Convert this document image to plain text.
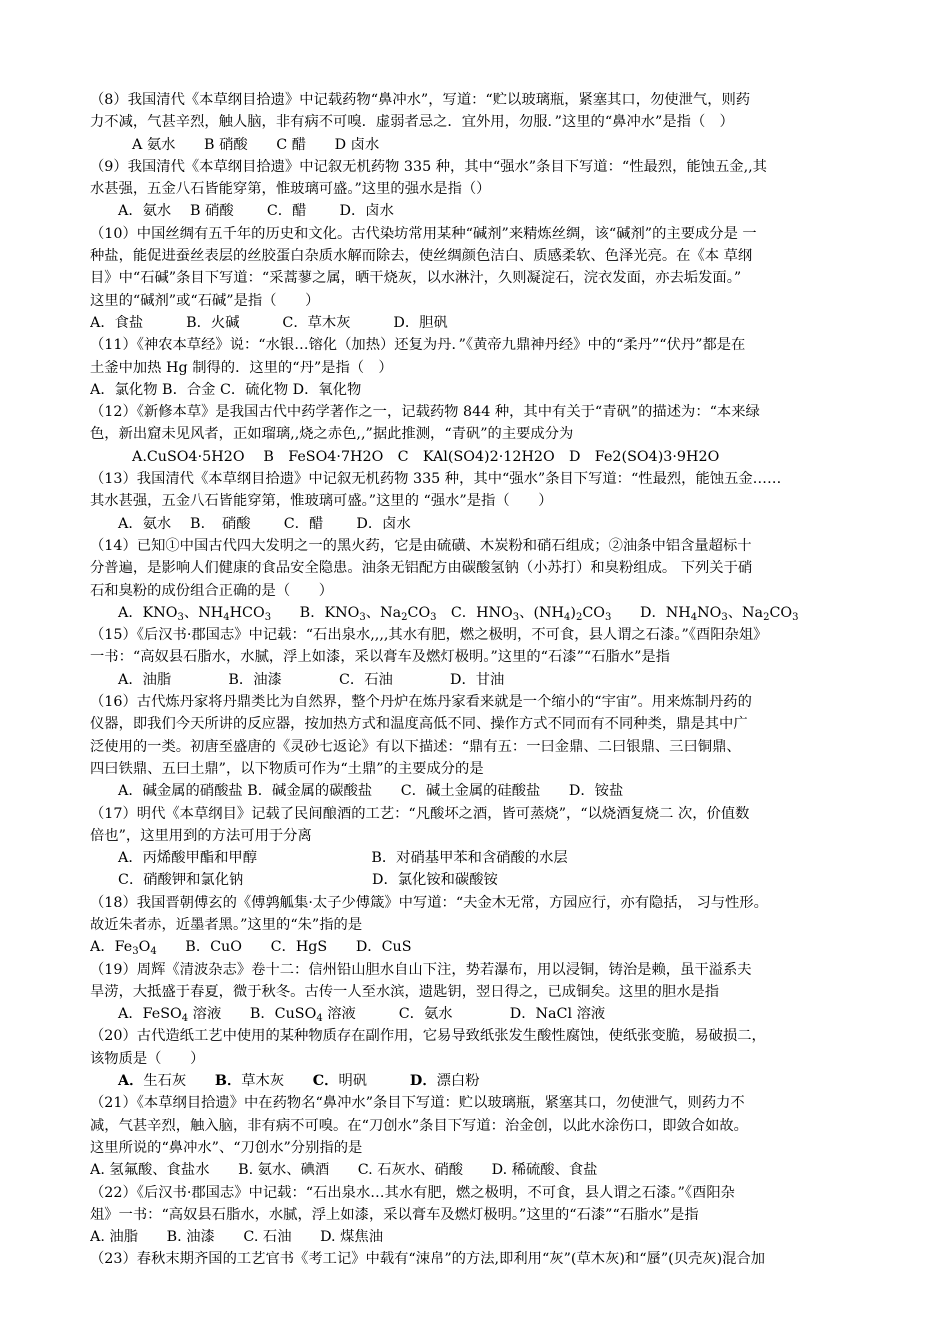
（8）我国清代《本草纲目拾遗》中记载药物“鼻冲水”，写道：“贮以玻璃瓶，紧塞其口，勿使泄气，则药
力不减，气甚辛烈，触人脑，非有病不可嗅．虚弱者忌之．宜外用，勿服．”这里的“鼻冲水”是指（　）
A 氨水　　B 硝酸　　C 醋　　D 卤水
（9）我国清代《本草纲目拾遗》中记叙无机药物 335 种，其中“强水”条目下写道：“性最烈，能蚀五金,,其
水甚强，五金八石皆能穿第，惟玻璃可盛。”这里的强水是指（）
A．氨水　 B 硝酸　　 C．醋　　 D．卤水
（10）中国丝绸有五千年的历史和文化。古代染坊常用某种“碱剂”来精炼丝绸，该“碱剂”的主要成分是 一
种盐，能促进蚕丝表层的丝胶蛋白杂质水解而除去，使丝绸颜色洁白、质感柔软、色泽光亮。在《本 草纲
目》中“石碱”条目下写道：“采蒿蓼之属，晒干烧灰，以水淋汁，久则凝淀石，浣衣发面，亦去垢发面。”
这里的“碱剂”或“石碱”是指（　　）
A．食盐　　　B．火碱　　　C．草木灰　　　D．胆矾
（11）《神农本草经》说：“水银…镕化（加热）还复为丹．”《黄帝九鼎神丹经》中的“柔丹”“伏丹”都是在
土釜中加热 Hg 制得的．这里的“丹”是指（　）
A．氯化物 B．合金 C．硫化物 D．氧化物
（12）《新修本草》是我国古代中药学著作之一，记载药物 844 种，其中有关于“青矾”的描述为：“本来绿
色，新出窟未见风者，正如瑠璃,,烧之赤色,,”据此推测，“青矾”的主要成分为
A.CuSO4·5H2O　 B　FeSO4·7H2O　C　KAl(SO4)2·12H2O　D　Fe2(SO4)3·9H2O
（13）我国清代《本草纲目拾遗》中记叙无机药物 335 种，其中“强水”条目下写道：“性最烈，能蚀五金……
其水甚强，五金八石皆能穿第，惟玻璃可盛。”这里的 “强水”是指（　　）
A．氨水　 B．　硝酸　　 C．醋　　 D．卤水
（14）已知①中国古代四大发明之一的黑火药，它是由硫磺、木炭粉和硝石组成；②油条中铝含量超标十
分普遍，是影响人们健康的食品安全隐患。油条无铝配方由碳酸氢钠（小苏打）和臭粉组成。 下列关于硝
石和臭粉的成份组合正确的是（　　）
A．$KNO_3$、$NH_4HCO_3$　　B．$KNO_3$、$Na_2CO_3$　C．$HNO_3$、$(NH_4)_2CO_3$　　D．$NH_4NO_3$、$Na_2CO_3$
（15）《后汉书·郡国志》中记载：“石出泉水,,,,其水有肥，燃之极明，不可食，县人谓之石漆。”《酉阳杂俎》
一书：“高奴县石脂水，水腻，浮上如漆，采以膏车及燃灯极明。”这里的“石漆”“石脂水”是指
A．油脂　　　　B．油漆　　　　C．石油　　　　D．甘油
（16）古代炼丹家将丹鼎类比为自然界，整个丹炉在炼丹家看来就是一个缩小的“宇宙”。用来炼制丹药的
仪器，即我们今天所讲的反应器，按加热方式和温度高低不同、操作方式不同而有不同种类，鼎是其中广
泛使用的一类。初唐至盛唐的《灵砂七返论》有以下描述：“鼎有五：一曰金鼎、二曰银鼎、三曰铜鼎、
四曰铁鼎、五曰土鼎”，以下物质可作为“土鼎”的主要成分的是
A．碱金属的硝酸盐 B．碱金属的碳酸盐　　C．碱土金属的硅酸盐　　D．铵盐
（17）明代《本草纲目》记载了民间酿酒的工艺：“凡酸坏之酒，皆可蒸烧”，“以烧酒复烧二 次，价值数
倍也”，这里用到的方法可用于分离
A．丙烯酸甲酯和甲醇　　　　　　　　B．对硝基甲苯和含硝酸的水层
C．硝酸钾和氯化钠　　　　　　　　　D．氯化铵和碳酸铵
（18）我国晋朝傅玄的《傅鹑觚集·太子少傅箴》中写道：“夫金木无常，方园应行，亦有隐括， 习与性形。
故近朱者赤，近墨者黑。”这里的“朱”指的是
A．$Fe_3O_4$　　B．CuO　　C．HgS　　D．CuS
（19）周辉《清波杂志》卷十二：信州铅山胆水自山下注，势若瀑布，用以浸铜，铸治是赖，虽干溢系夫
旱涝，大抵盛于春夏，微于秋冬。古传一人至水滨，遗匙钥，翌日得之，已成铜矣。这里的胆水是指
A．FeSO$_4$ 溶液　　B．CuSO$_4$ 溶液　　　C．氨水　　　　D．NaCl 溶液
（20）古代造纸工艺中使用的某种物质存在副作用，它易导致纸张发生酸性腐蚀，使纸张变脆，易破损二，
该物质是（　　）
A．生石灰　　B．草木灰　　C．明矾　　　D．漂白粉
（21）《本草纲目拾遗》中在药物名“鼻冲水”条目下写道：贮以玻璃瓶，紧塞其口，勿使泄气，则药力不
减，气甚辛烈，触入脑，非有病不可嗅。在“刀创水”条目下写道：治金创，以此水涂伤口，即敛合如故。
这里所说的“鼻冲水”、“刀创水”分别指的是
A. 氢氟酸、食盐水　　B. 氨水、碘酒　　C. 石灰水、硝酸　　D. 稀硫酸、食盐
（22）《后汉书·郡国志》中记载：“石出泉水…其水有肥，燃之极明，不可食，县人谓之石漆。”《酉阳杂
俎》一书：“高奴县石脂水，水腻，浮上如漆，采以膏车及燃灯极明。”这里的“石漆”“石脂水”是指
A. 油脂　　B. 油漆　　C. 石油　　D. 煤焦油
（23）春秋末期齐国的工艺官书《考工记》中载有“涑帛”的方法,即利用“灰”(草木灰)和“蜃”(贝壳灰)混合加
